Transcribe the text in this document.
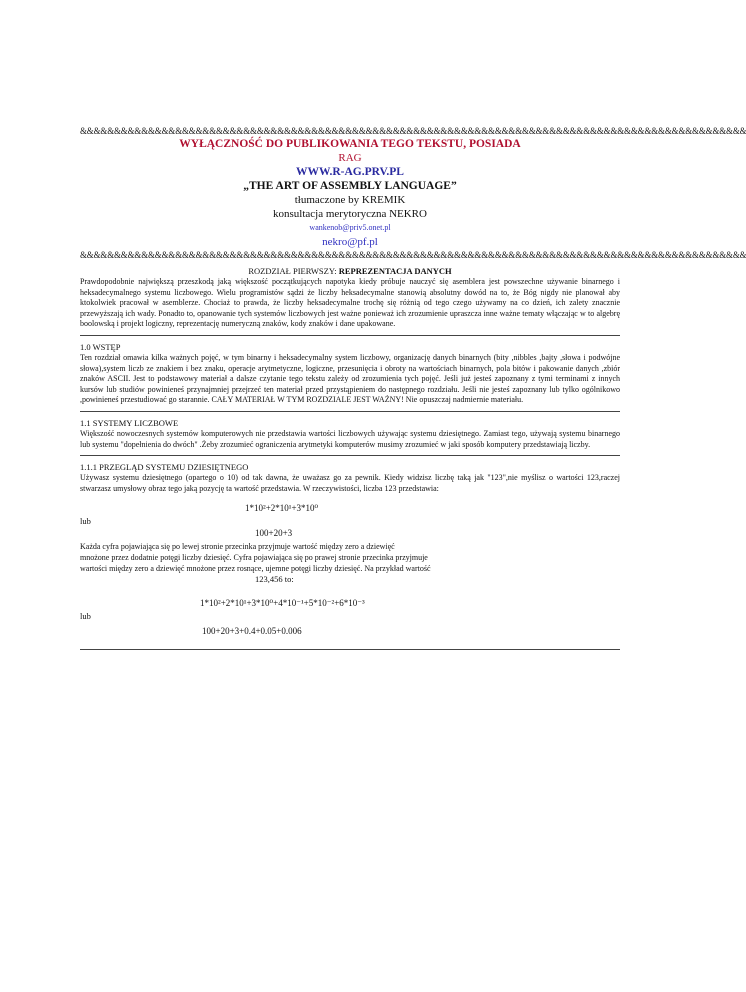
&&&&&&&&&&&&&&&&&&&&&&&&&&&&&&&&&&&&&&&&&&&&&&&&&&&&&&&&&&&&&&&&&&&&&&&&&&&&&&&&&&&&&&&&&&&&&&&&&&
WYŁĄCZNOŚĆ DO PUBLIKOWANIA TEGO TEKSTU, POSIADA
RAG
WWW.R-AG.PRV.PL
„THE ART OF ASSEMBLY LANGUAGE”
tłumaczone by KREMIK
konsultacja merytoryczna NEKRO
wankenob@priv5.onet.pl
nekro@pf.pl
&&&&&&&&&&&&&&&&&&&&&&&&&&&&&&&&&&&&&&&&&&&&&&&&&&&&&&&&&&&&&&&&&&&&&&&&&&&&&&&&&&&&&&&&&&&&&&&&&&
ROZDZIAŁ PIERWSZY: REPREZENTACJA DANYCH
Prawdopodobnie największą przeszkodą jaką większość początkujących napotyka kiedy próbuje nauczyć się asemblera jest powszechne używanie binarnego i heksadecymalnego systemu liczbowego. Wielu programistów sądzi że liczby heksadecymalne stanowią absolutny dowód na to, że Bóg nigdy nie planował aby ktokolwiek pracował w asemblerze. Chociaż to prawda, że liczby heksadecymalne trochę się różnią od tego czego używamy na co dzień, ich zalety znacznie przewyższają ich wady. Ponadto to, opanowanie tych systemów liczbowych jest ważne ponieważ ich zrozumienie upraszcza inne ważne tematy włączając w to algebrę boolowską i projekt logiczny, reprezentację numeryczną znaków, kody znaków i dane upakowane.
1.0 WSTĘP
Ten rozdział omawia kilka ważnych pojęć, w tym binarny i heksadecymalny system liczbowy, organizację danych binarnych (bity ,nibbles ,bajty ,słowa i podwójne słowa),system liczb ze znakiem i bez znaku, operacje arytmetyczne, logiczne, przesunięcia i obroty na wartościach binarnych, pola bitów i pakowanie danych ,zbiór znaków ASCII. Jest to podstawowy materiał a dalsze czytanie tego tekstu zależy od zrozumienia tych pojęć. Jeśli już jesteś zapoznany z tymi terminami z innych kursów lub studiów powinieneś przynajmniej przejrzeć ten materiał przed przystąpieniem do następnego rozdziału. Jeśli nie jesteś zapoznany lub tylko ogólnikowo ,powinieneś przestudiować go starannie. CAŁY MATERIAŁ W TYM ROZDZIALE JEST WAŻNY! Nie opuszczaj nadmiernie materiału.
1.1 SYSTEMY LICZBOWE
Większość nowoczesnych systemów komputerowych nie przedstawia wartości liczbowych używając systemu dziesiętnego. Zamiast tego, używają systemu binarnego lub systemu "dopełnienia do dwóch" .Żeby zrozumieć ograniczenia arytmetyki komputerów musimy zrozumieć w jaki sposób komputery przedstawiają liczby.
1.1.1 PRZEGLĄD SYSTEMU DZIESIĘTNEGO
Używasz systemu dziesiętnego (opartego o 10) od tak dawna, że uważasz go za pewnik. Kiedy widzisz liczbę taką jak "123",nie myślisz o wartości 123,raczej stwarzasz umysłowy obraz tego jaką pozycję ta wartość przedstawia. W rzeczywistości, liczba 123 przedstawia:
1*10²+2*10¹+3*10⁰
lub
100+20+3
Każda cyfra pojawiająca się po lewej stronie przecinka przyjmuje wartość między zero a dziewięć
mnożone przez dodatnie potęgi liczby dziesięć. Cyfra pojawiająca się po prawej stronie przecinka przyjmuje
wartości między zero a dziewięć mnożone przez rosnące, ujemne potęgi liczby dziesięć. Na przykład wartość
123,456 to:
1*10²+2*10¹+3*10⁰+4*10⁻¹+5*10⁻²+6*10⁻³
lub
100+20+3+0.4+0.05+0.006
